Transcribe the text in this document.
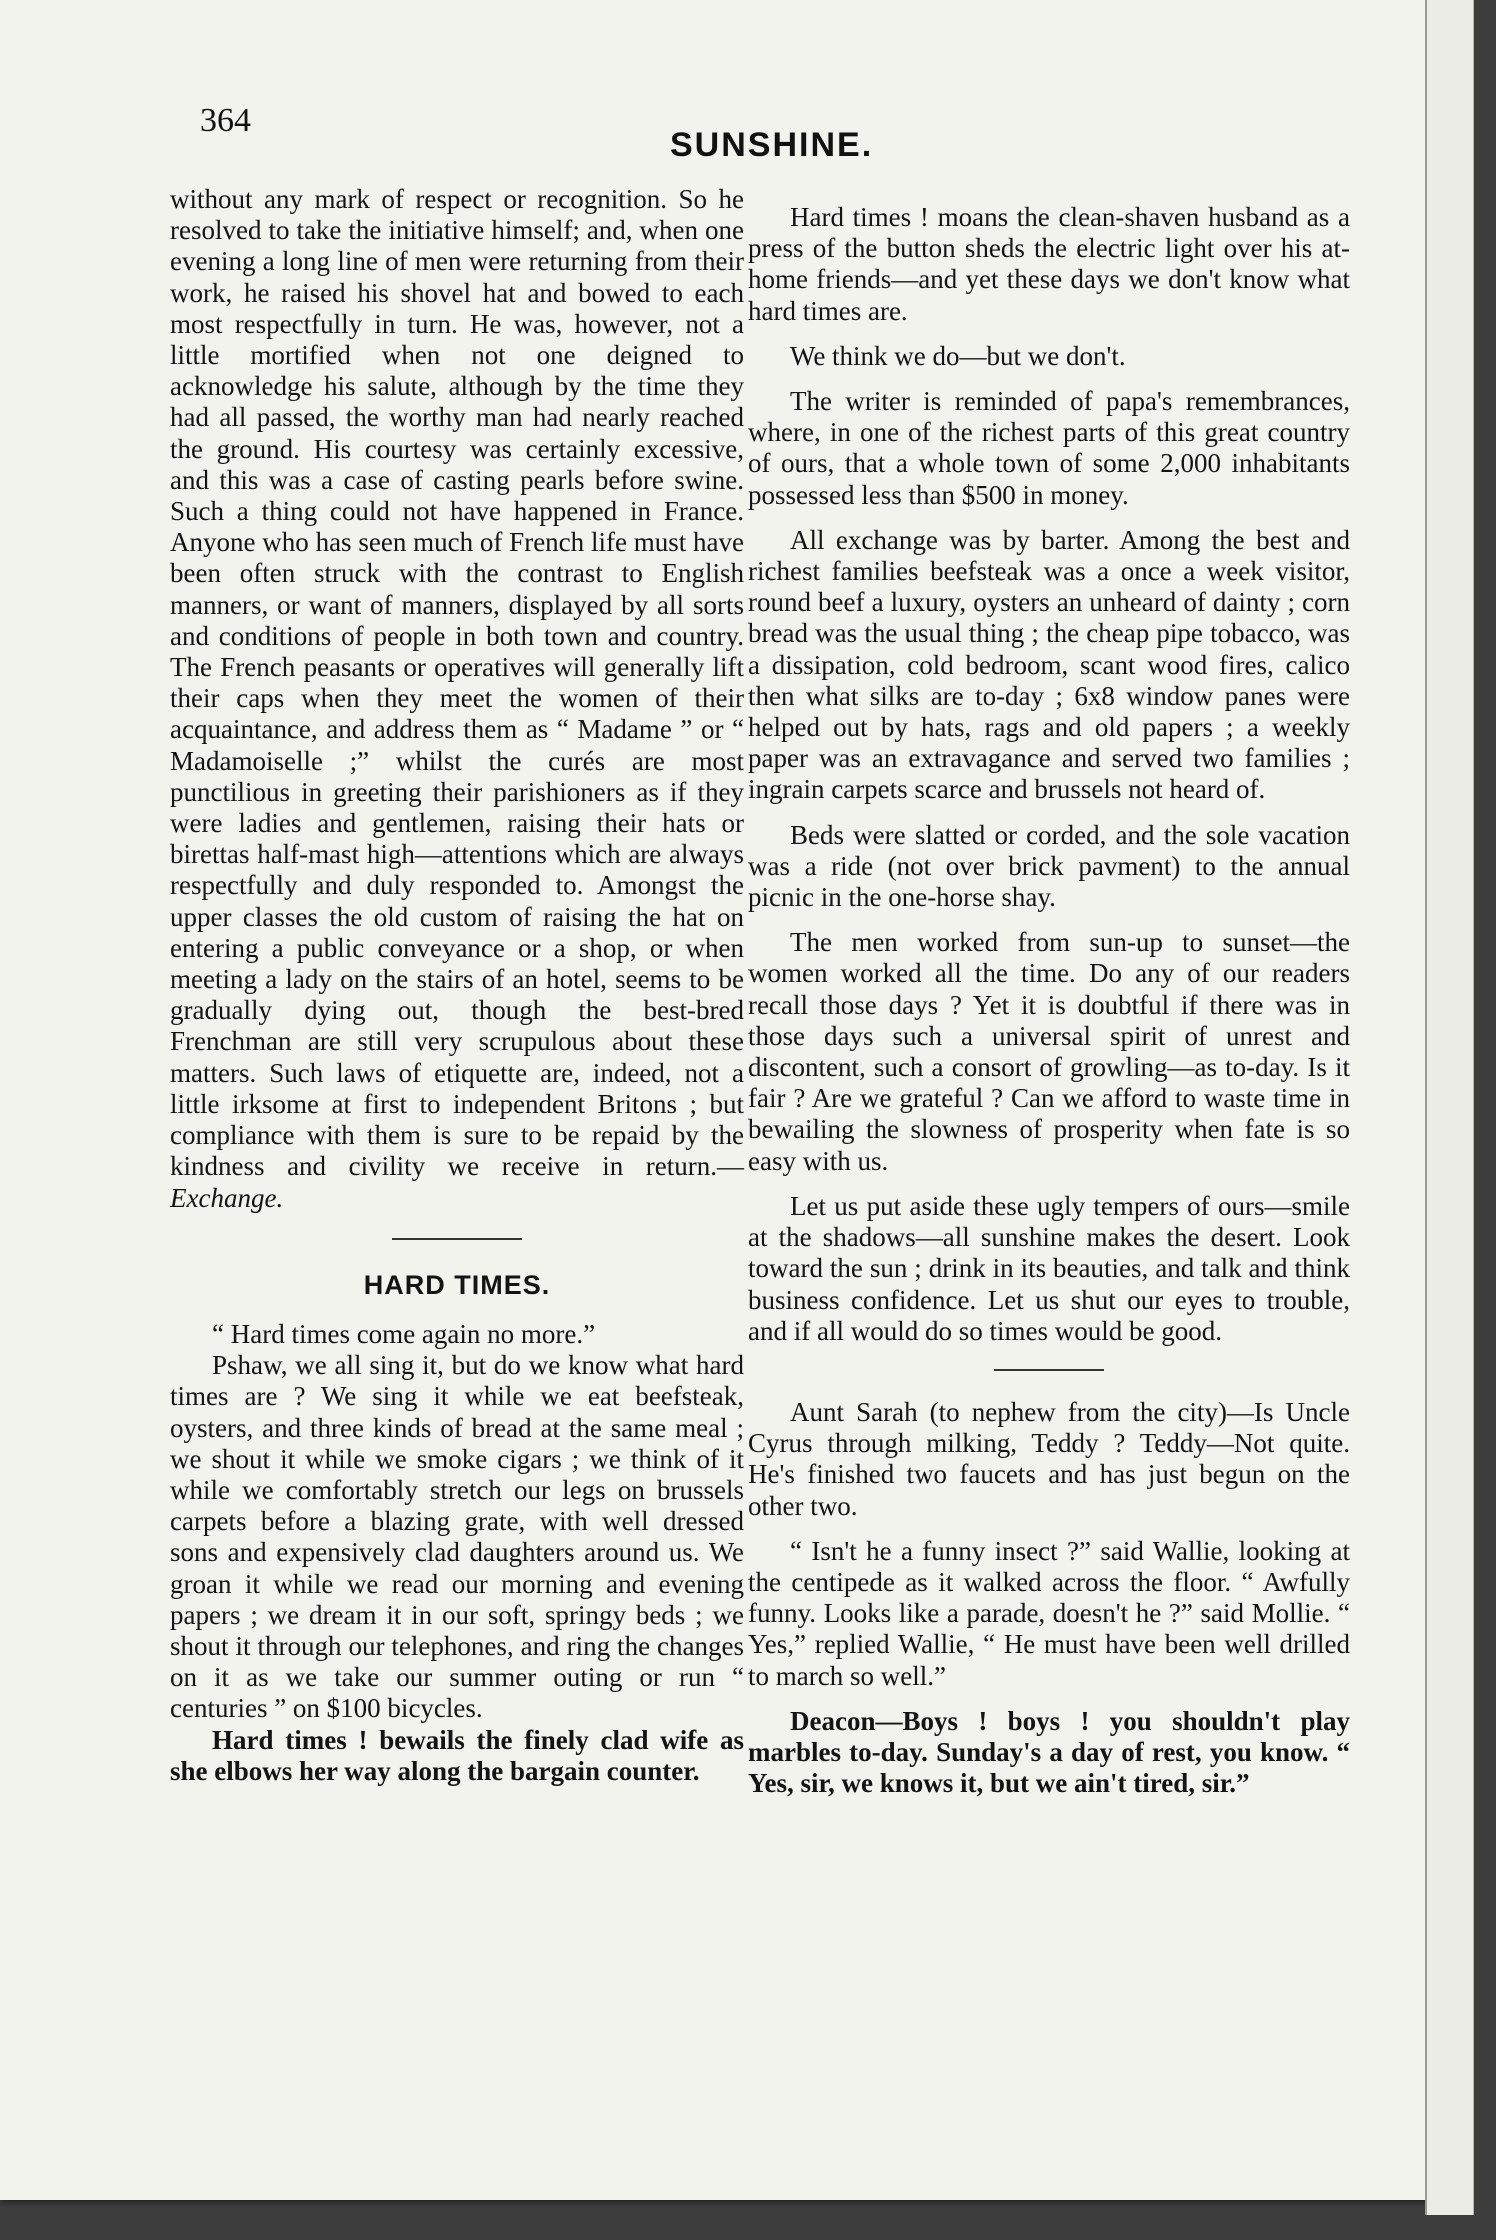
364
SUNSHINE.

without any mark of respect or recognition. So he resolved to take the initiative himself; and, when one evening a long line of men were returning from their work, he raised his shovel hat and bowed to each most respectfully in turn. He was, however, not a little mortified when not one deigned to acknowledge his salute, although by the time they had all passed, the worthy man had nearly reached the ground. His courtesy was certainly excessive, and this was a case of casting pearls before swine. Such a thing could not have happened in France. Anyone who has seen much of French life must have been often struck with the contrast to English manners, or want of manners, displayed by all sorts and conditions of people in both town and country. The French peasants or operatives will generally lift their caps when they meet the women of their acquaintance, and address them as “ Madame ” or “ Madamoiselle ;” whilst the curés are most punctilious in greeting their parishioners as if they were ladies and gentlemen, raising their hats or birettas half-mast high—attentions which are always respectfully and duly responded to. Amongst the upper classes the old custom of raising the hat on entering a public conveyance or a shop, or when meeting a lady on the stairs of an hotel, seems to be gradually dying out, though the best-bred Frenchman are still very scrupulous about these matters. Such laws of etiquette are, indeed, not a little irksome at first to independent Britons ; but compliance with them is sure to be repaid by the kindness and civility we receive in return.—Exchange.

HARD TIMES.

“ Hard times come again no more.”

Pshaw, we all sing it, but do we know what hard times are ? We sing it while we eat beefsteak, oysters, and three kinds of bread at the same meal ; we shout it while we smoke cigars ; we think of it while we comfortably stretch our legs on brussels carpets before a blazing grate, with well dressed sons and expensively clad daughters around us. We groan it while we read our morning and evening papers ; we dream it in our soft, springy beds ; we shout it through our telephones, and ring the changes on it as we take our summer outing or run “ centuries ” on $100 bicycles.

Hard times ! bewails the finely clad wife as she elbows her way along the bargain counter.

Hard times ! moans the clean-shaven husband as a press of the button sheds the electric light over his at-home friends—and yet these days we don't know what hard times are.

We think we do—but we don't.

The writer is reminded of papa's remembrances, where, in one of the richest parts of this great country of ours, that a whole town of some 2,000 inhabitants possessed less than $500 in money.

All exchange was by barter. Among the best and richest families beefsteak was a once a week visitor, round beef a luxury, oysters an unheard of dainty ; corn bread was the usual thing ; the cheap pipe tobacco, was a dissipation, cold bedroom, scant wood fires, calico then what silks are to-day ; 6x8 window panes were helped out by hats, rags and old papers ; a weekly paper was an extravagance and served two families ; ingrain carpets scarce and brussels not heard of.

Beds were slatted or corded, and the sole vacation was a ride (not over brick pavment) to the annual picnic in the one-horse shay.

The men worked from sun-up to sunset—the women worked all the time. Do any of our readers recall those days ? Yet it is doubtful if there was in those days such a universal spirit of unrest and discontent, such a consort of growling—as to-day. Is it fair ? Are we grateful ? Can we afford to waste time in bewailing the slowness of prosperity when fate is so easy with us.

Let us put aside these ugly tempers of ours—smile at the shadows—all sunshine makes the desert. Look toward the sun ; drink in its beauties, and talk and think business confidence. Let us shut our eyes to trouble, and if all would do so times would be good.

Aunt Sarah (to nephew from the city)—Is Uncle Cyrus through milking, Teddy ? Teddy—Not quite. He's finished two faucets and has just begun on the other two.

“ Isn't he a funny insect ?” said Wallie, looking at the centipede as it walked across the floor. “ Awfully funny. Looks like a parade, doesn't he ?” said Mollie. “ Yes,” replied Wallie, “ He must have been well drilled to march so well.”

Deacon—Boys ! boys ! you shouldn't play marbles to-day. Sunday's a day of rest, you know. “ Yes, sir, we knows it, but we ain't tired, sir.”
